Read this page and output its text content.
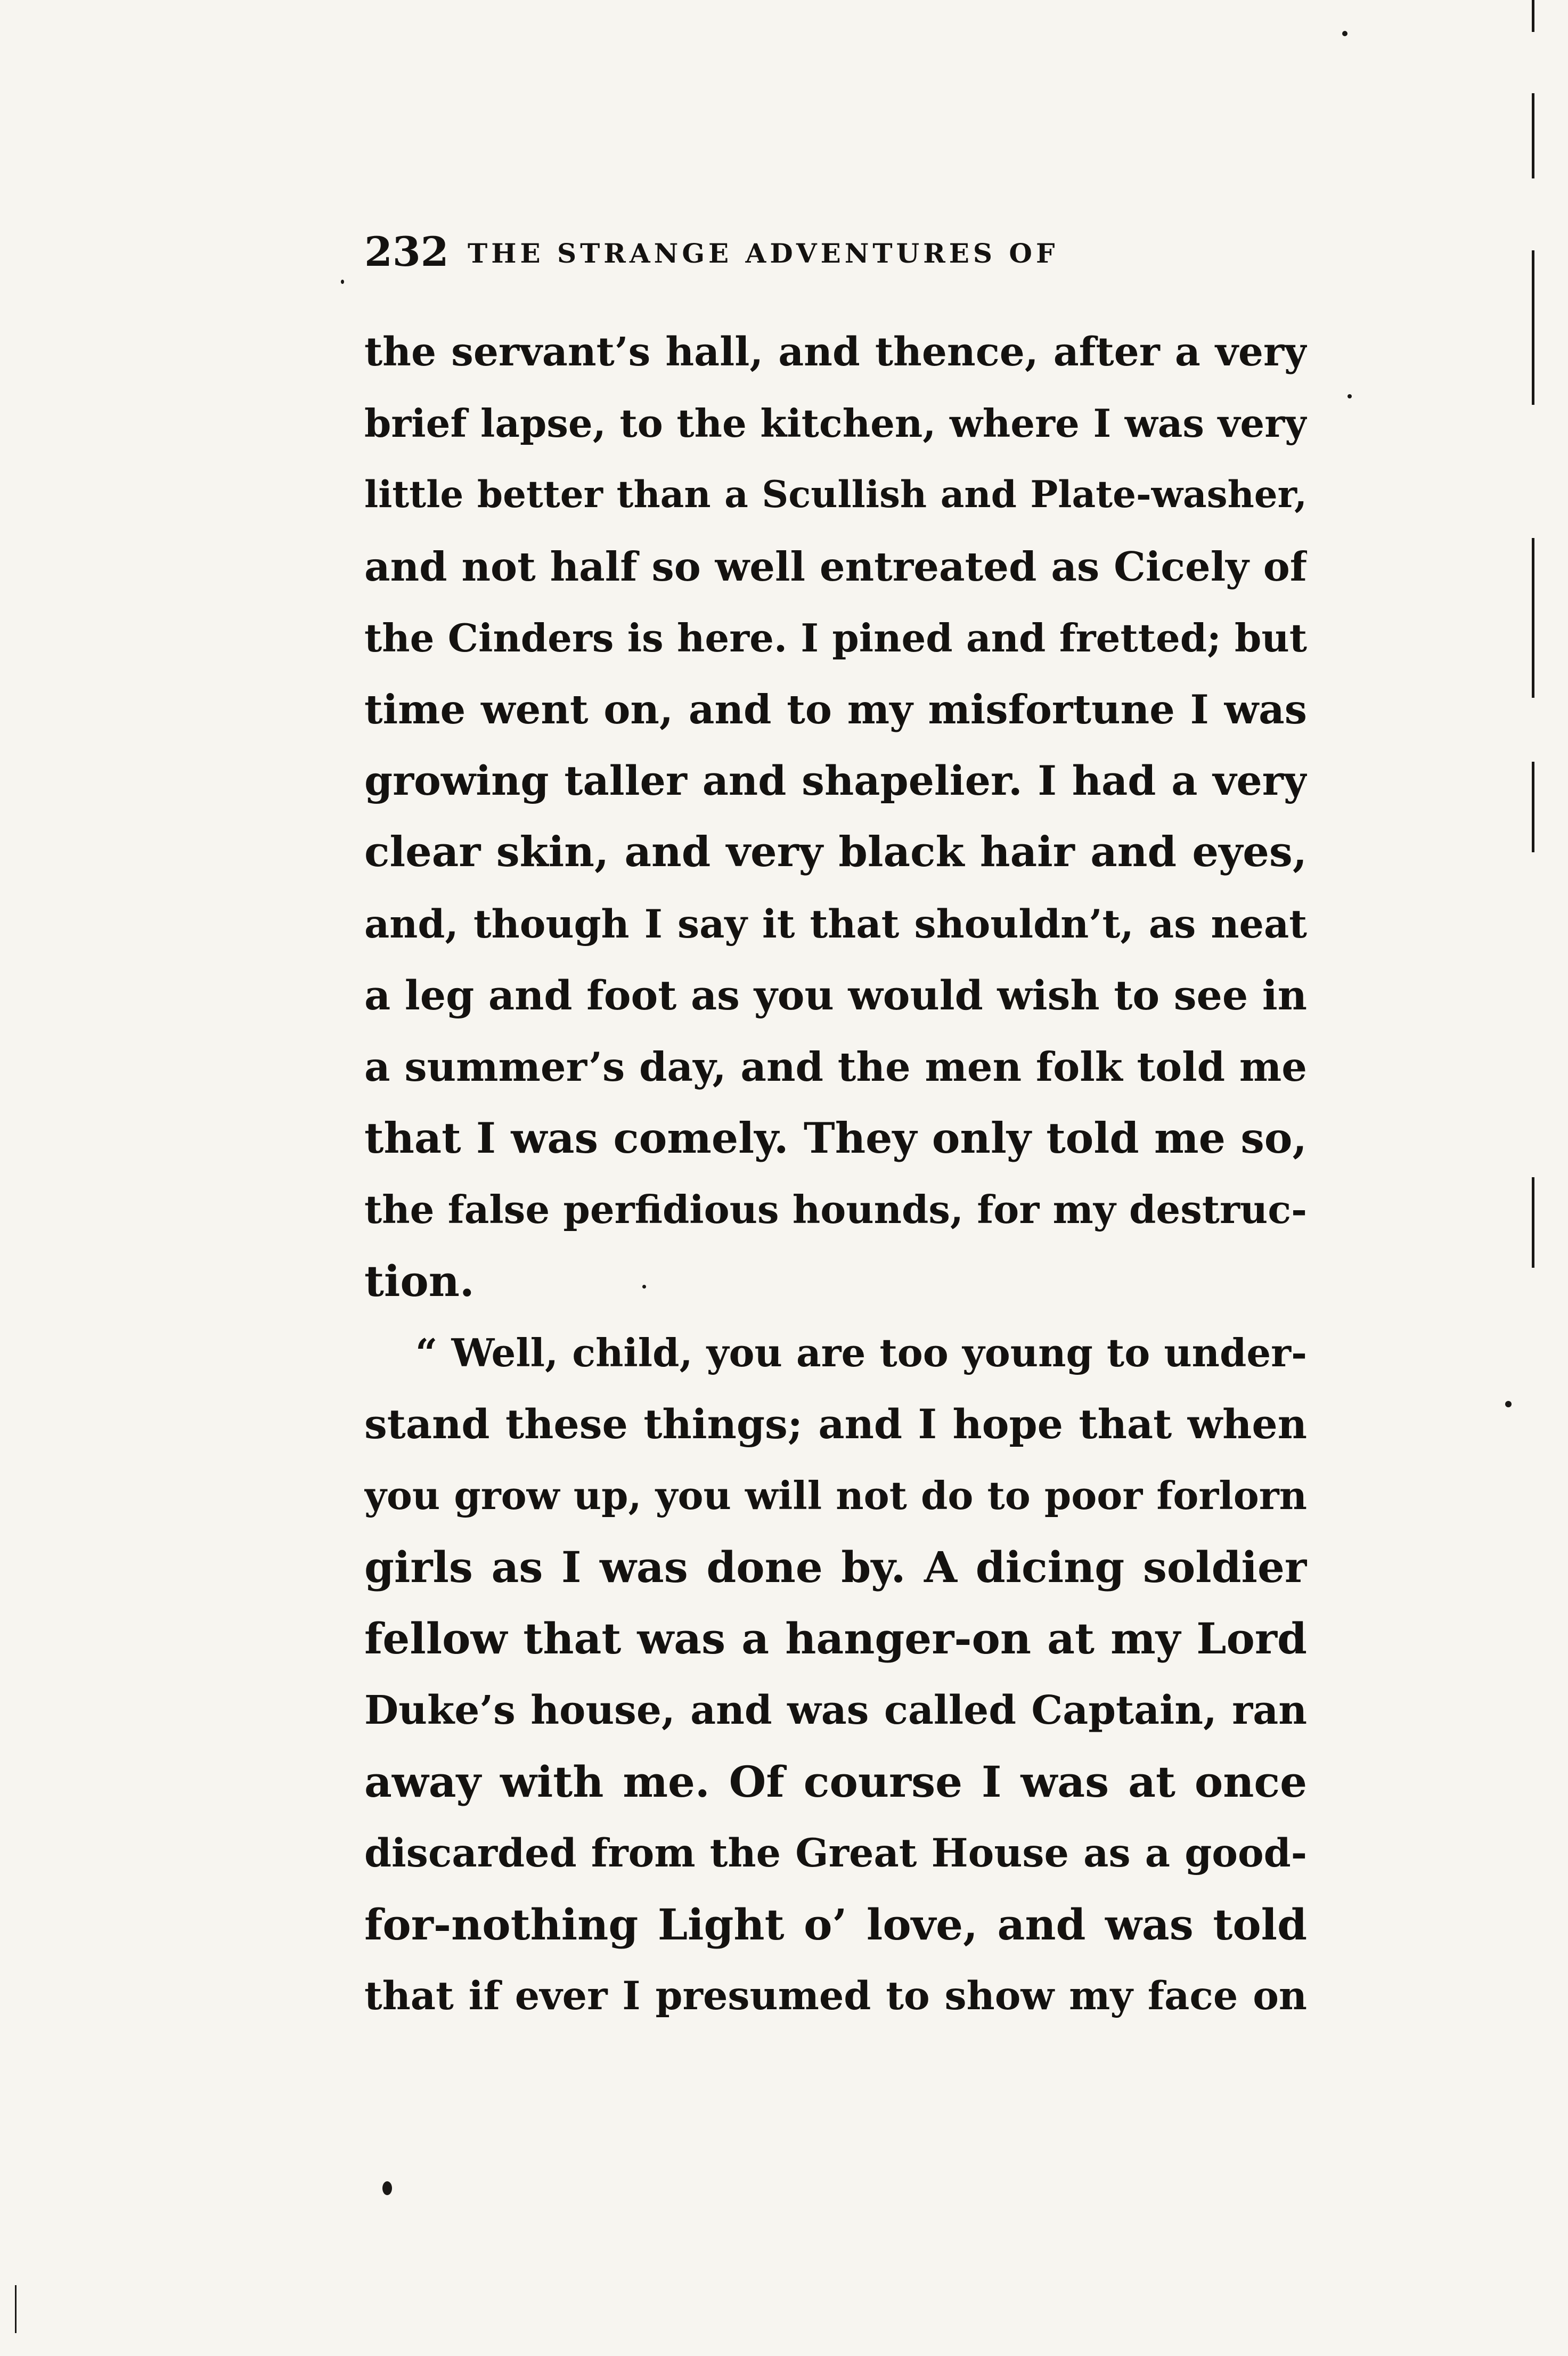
232 THE STRANGE ADVENTURES OF
the servant’s hall, and thence, after a very
brief lapse, to the kitchen, where I was very
little better than a Scullish and Plate-washer,
and not half so well entreated as Cicely of
the Cinders is here. I pined and fretted; but
time went on, and to my misfortune I was
growing taller and shapelier. I had a very
clear skin, and very black hair and eyes,
and, though I say it that shouldn’t, as neat
a leg and foot as you would wish to see in
a summer’s day, and the men folk told me
that I was comely. They only told me so,
the false perfidious hounds, for my destruc-
tion.
“ Well, child, you are too young to under-
stand these things; and I hope that when
you grow up, you will not do to poor forlorn
girls as I was done by. A dicing soldier
fellow that was a hanger-on at my Lord
Duke’s house, and was called Captain, ran
away with me. Of course I was at once
discarded from the Great House as a good-
for-nothing Light o’ love, and was told
that if ever I presumed to show my face on
